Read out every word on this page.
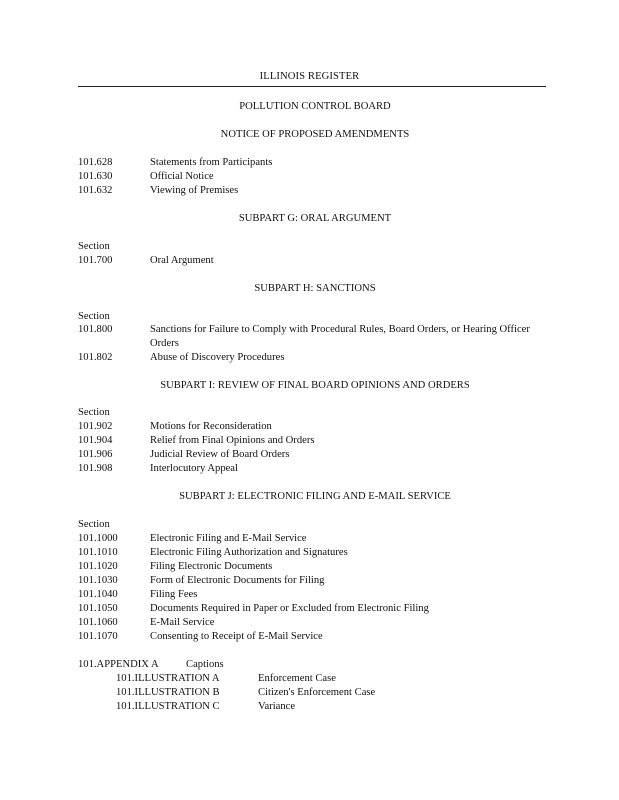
ILLINOIS REGISTER
POLLUTION CONTROL BOARD
NOTICE OF PROPOSED AMENDMENTS
101.628	Statements from Participants
101.630	Official Notice
101.632	Viewing of Premises
SUBPART G: ORAL ARGUMENT
Section
101.700	Oral Argument
SUBPART H: SANCTIONS
Section
101.800	Sanctions for Failure to Comply with Procedural Rules, Board Orders, or Hearing Officer Orders
101.802	Abuse of Discovery Procedures
SUBPART I: REVIEW OF FINAL BOARD OPINIONS AND ORDERS
Section
101.902	Motions for Reconsideration
101.904	Relief from Final Opinions and Orders
101.906	Judicial Review of Board Orders
101.908	Interlocutory Appeal
SUBPART J: ELECTRONIC FILING AND E-MAIL SERVICE
Section
101.1000	Electronic Filing and E-Mail Service
101.1010	Electronic Filing Authorization and Signatures
101.1020	Filing Electronic Documents
101.1030	Form of Electronic Documents for Filing
101.1040	Filing Fees
101.1050	Documents Required in Paper or Excluded from Electronic Filing
101.1060	E-Mail Service
101.1070	Consenting to Receipt of E-Mail Service
101.APPENDIX A	Captions
101.ILLUSTRATION A	Enforcement Case
101.ILLUSTRATION B	Citizen's Enforcement Case
101.ILLUSTRATION C	Variance
